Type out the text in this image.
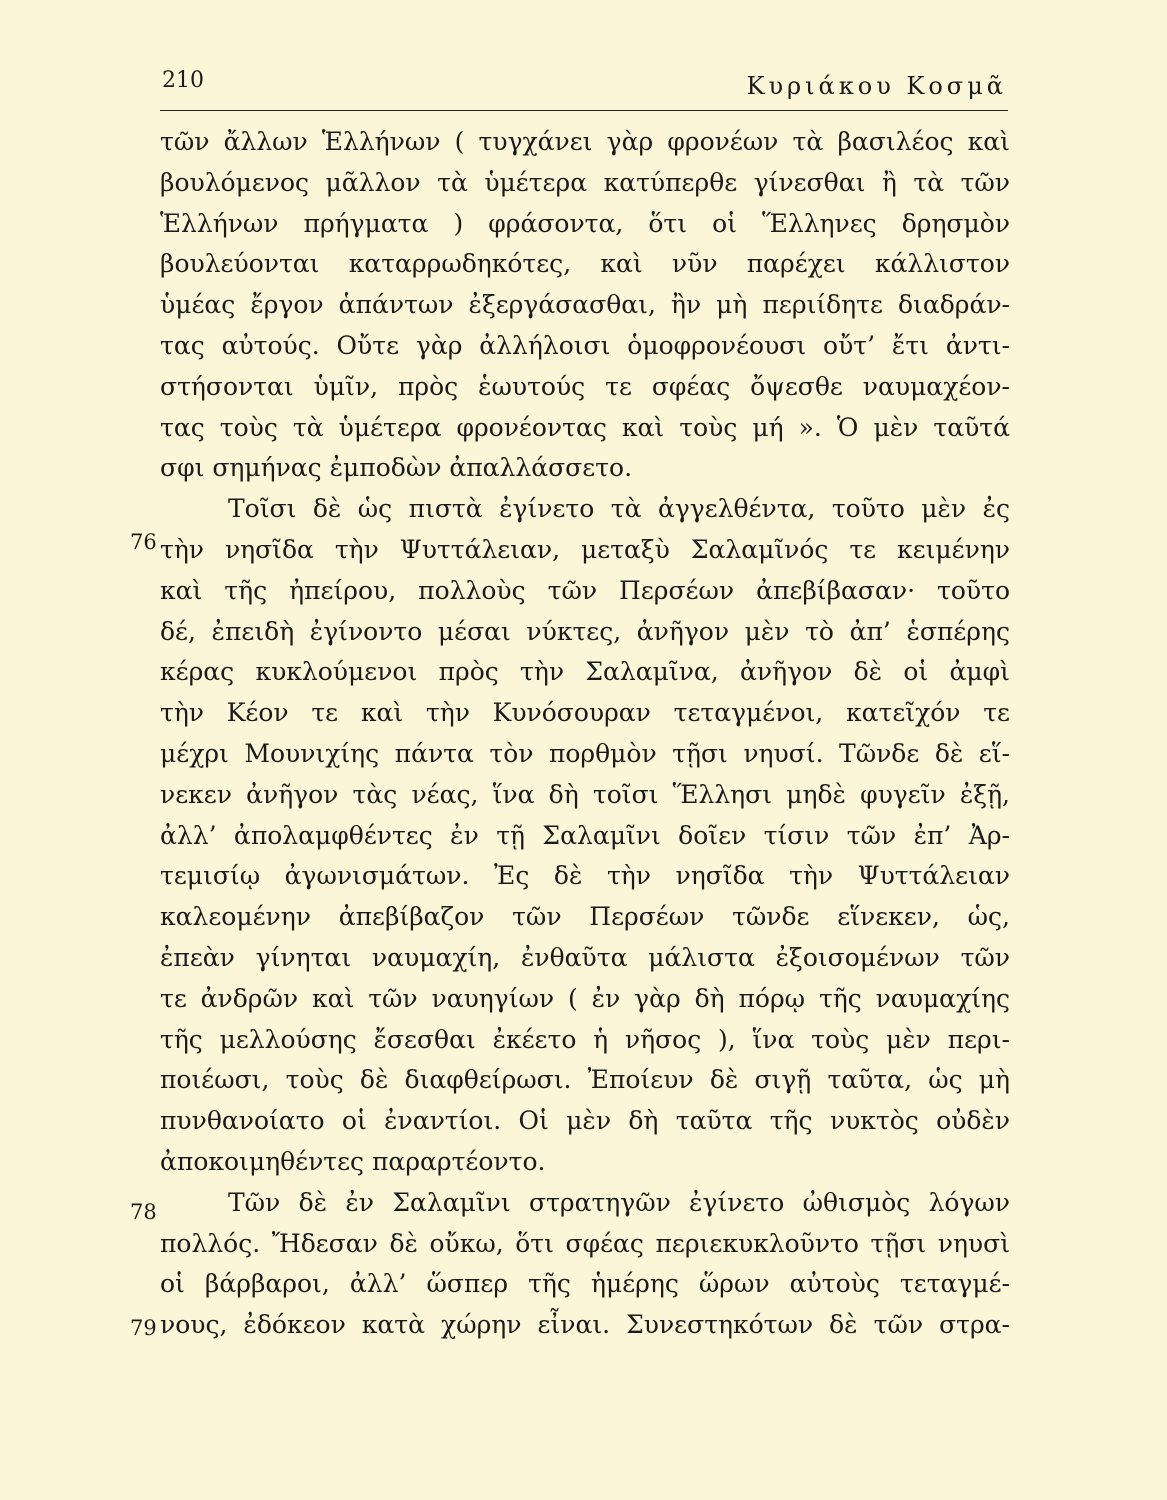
210	Κυριάκου Κοσμᾶ
76
78
79
τῶν ἄλλων Ἑλλήνων ( τυγχάνει γὰρ φρονέων τὰ βασιλέος καὶ
βουλόμενος μᾶλλον τὰ ὑμέτερα κατύπερθε γίνεσθαι ἢ τὰ τῶν
Ἑλλήνων πρήγματα ) φράσοντα, ὅτι οἱ Ἕλληνες δρησμὸν
βουλεύονται καταρρωδηκότες, καὶ νῦν παρέχει κάλλιστον
ὑμέας ἔργον ἁπάντων ἐξεργάσασθαι, ἢν μὴ περιίδητε διαδράν-
τας αὐτούς. Οὔτε γὰρ ἀλλήλοισι ὁμοφρονέουσι οὔτ’ ἔτι ἀντι-
στήσονται ὑμῖν, πρὸς ἑωυτούς τε σφέας ὄψεσθε ναυμαχέον-
τας τοὺς τὰ ὑμέτερα φρονέοντας καὶ τοὺς μή ». Ὁ μὲν ταῦτά
σφι σημήνας ἐμποδὼν ἀπαλλάσσετο.
Τοῖσι δὲ ὡς πιστὰ ἐγίνετο τὰ ἀγγελθέντα, τοῦτο μὲν ἐς
τὴν νησῖδα τὴν Ψυττάλειαν, μεταξὺ Σαλαμῖνός τε κειμένην
καὶ τῆς ἠπείρου, πολλοὺς τῶν Περσέων ἀπεβίβασαν· τοῦτο
δέ, ἐπειδὴ ἐγίνοντο μέσαι νύκτες, ἀνῆγον μὲν τὸ ἀπ’ ἑσπέρης
κέρας κυκλούμενοι πρὸς τὴν Σαλαμῖνα, ἀνῆγον δὲ οἱ ἀμφὶ
τὴν Κέον τε καὶ τὴν Κυνόσουραν τεταγμένοι, κατεῖχόν τε
μέχρι Μουνιχίης πάντα τὸν πορθμὸν τῇσι νηυσί. Τῶνδε δὲ εἵ-
νεκεν ἀνῆγον τὰς νέας, ἵνα δὴ τοῖσι Ἕλλησι μηδὲ φυγεῖν ἐξῇ,
ἀλλ’ ἀπολαμφθέντες ἐν τῇ Σαλαμῖνι δοῖεν τίσιν τῶν ἐπ’ Ἀρ-
τεμισίῳ ἀγωνισμάτων. Ἐς δὲ τὴν νησῖδα τὴν Ψυττάλειαν
καλεομένην ἀπεβίβαζον τῶν Περσέων τῶνδε εἵνεκεν, ὡς,
ἐπεὰν γίνηται ναυμαχίη, ἐνθαῦτα μάλιστα ἐξοισομένων τῶν
τε ἀνδρῶν καὶ τῶν ναυηγίων ( ἐν γὰρ δὴ πόρῳ τῆς ναυμαχίης
τῆς μελλούσης ἔσεσθαι ἐκέετο ἡ νῆσος ), ἵνα τοὺς μὲν περι-
ποιέωσι, τοὺς δὲ διαφθείρωσι. Ἐποίευν δὲ σιγῇ ταῦτα, ὡς μὴ
πυνθανοίατο οἱ ἐναντίοι. Οἱ μὲν δὴ ταῦτα τῆς νυκτὸς οὐδὲν
ἀποκοιμηθέντες παραρτέοντο.
Τῶν δὲ ἐν Σαλαμῖνι στρατηγῶν ἐγίνετο ὠθισμὸς λόγων
πολλός. Ἤδεσαν δὲ οὔκω, ὅτι σφέας περιεκυκλοῦντο τῇσι νηυσὶ
οἱ βάρβαροι, ἀλλ’ ὥσπερ τῆς ἡμέρης ὥρων αὐτοὺς τεταγμέ-
νους, ἐδόκεον κατὰ χώρην εἶναι. Συνεστηκότων δὲ τῶν στρα-
